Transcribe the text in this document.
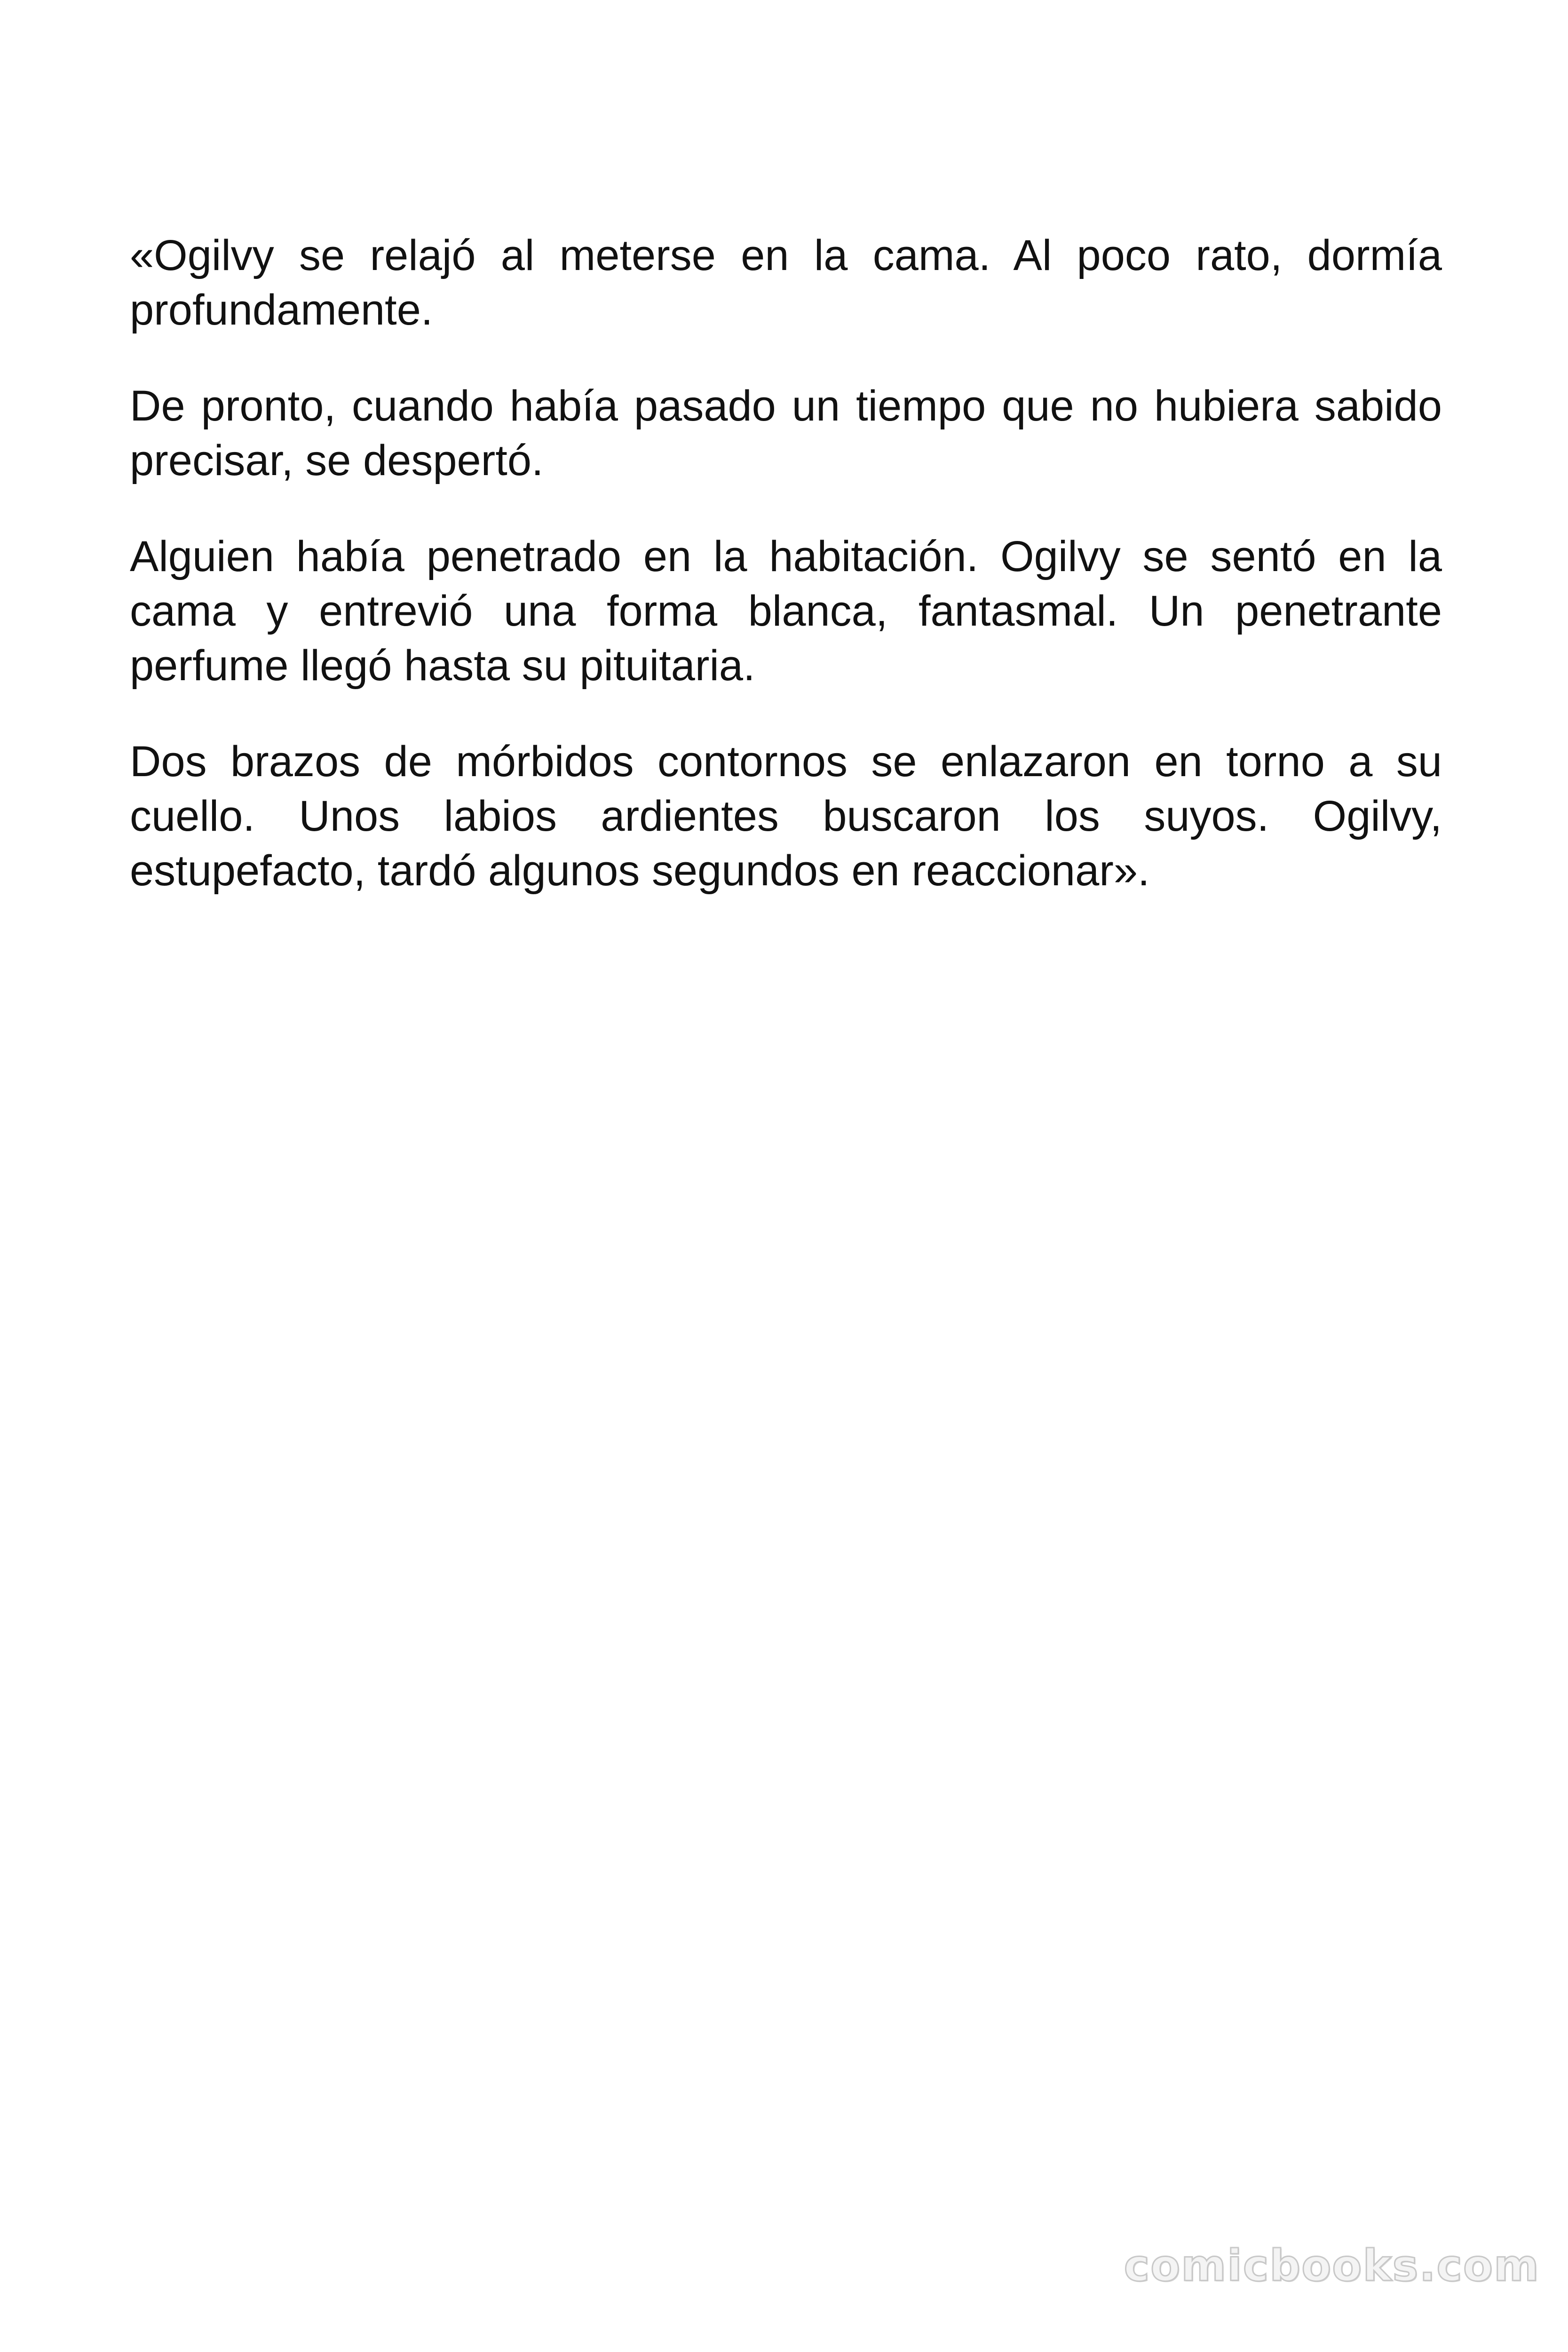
«Ogilvy se relajó al meterse en la cama. Al poco rato, dormía profundamente.

De pronto, cuando había pasado un tiempo que no hubiera sabido precisar, se despertó.

Alguien había penetrado en la habitación. Ogilvy se sentó en la cama y entrevió una forma blanca, fantasmal. Un penetrante perfume llegó hasta su pituitaria.

Dos brazos de mórbidos contornos se enlazaron en torno a su cuello. Unos labios ardientes buscaron los suyos. Ogilvy, estupefacto, tardó algunos segundos en reaccionar».

comicbooks.com
